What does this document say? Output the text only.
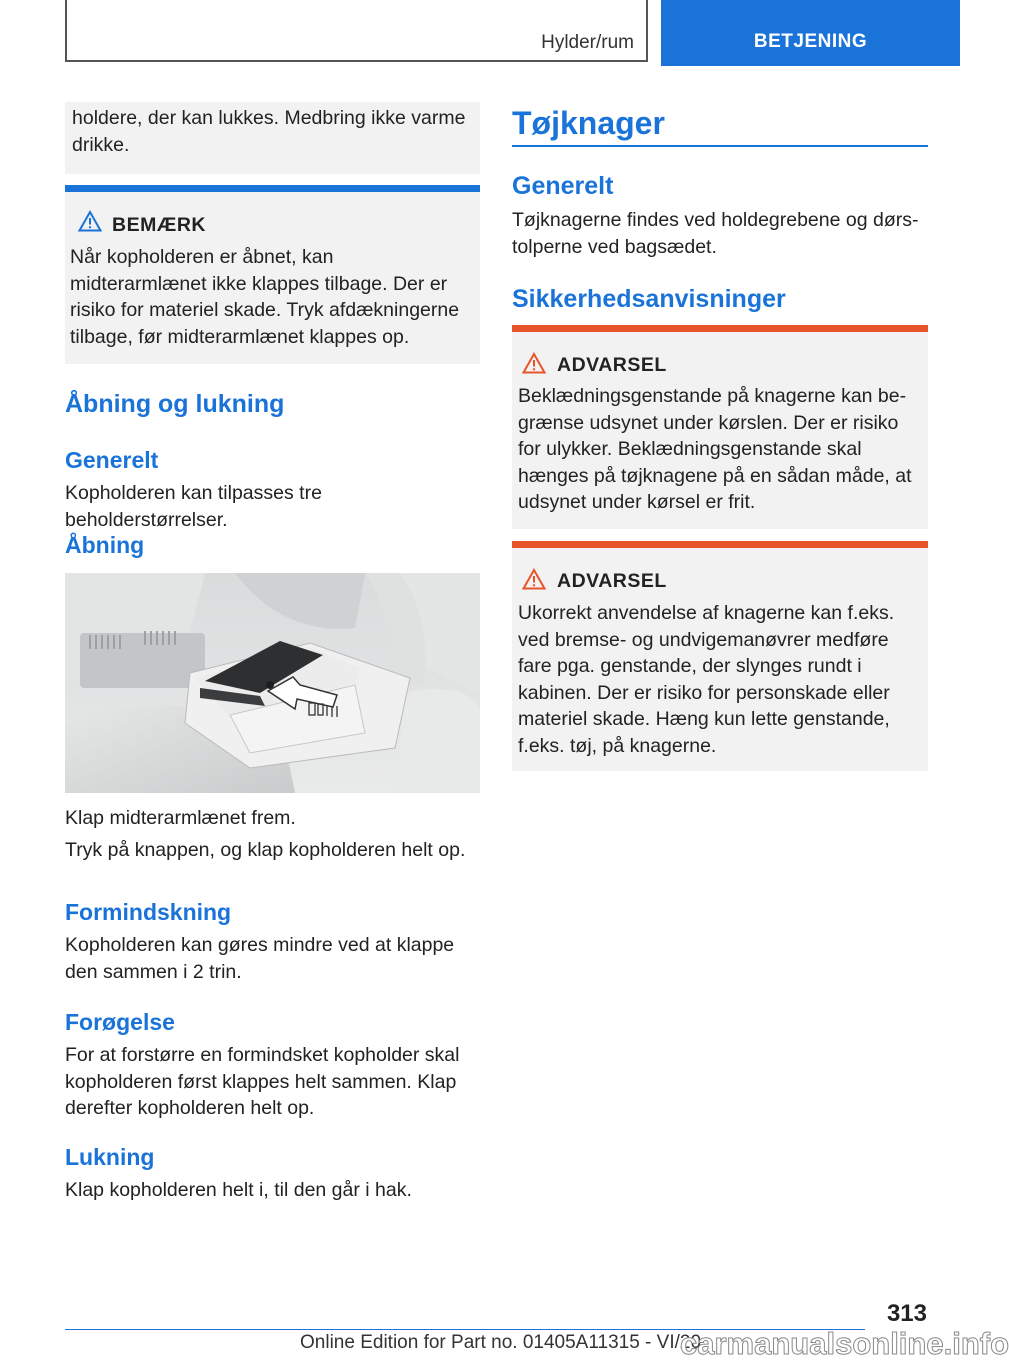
Hylder/rum	BETJENING
holdere, der kan lukkes. Medbring ikke varme drikke.
BEMÆRK
Når kopholderen er åbnet, kan midterarmlænet ikke klappes tilbage. Der er risiko for materiel skade. Tryk afdækningerne tilbage, før midterarmlænet klappes op.
Åbning og lukning
Generelt
Kopholderen kan tilpasses tre beholderstørrelser.
Åbning
Klap midterarmlænet frem.
Tryk på knappen, og klap kopholderen helt op.
Formindskning
Kopholderen kan gøres mindre ved at klappe den sammen i 2 trin.
Forøgelse
For at forstørre en formindsket kopholder skal kopholderen først klappes helt sammen. Klap derefter kopholderen helt op.
Lukning
Klap kopholderen helt i, til den går i hak.
Tøjknager
Generelt
Tøjknagerne findes ved holdegrebene og dørstolperne ved bagsædet.
Sikkerhedsanvisninger
ADVARSEL
Beklædningsgenstande på knagerne kan begrænse udsynet under kørslen. Der er risiko for ulykker. Beklædningsgenstande skal hænges på tøjknagene på en sådan måde, at udsynet under kørsel er frit.
ADVARSEL
Ukorrekt anvendelse af knagerne kan f.eks. ved bremse- og undvigemanøvrer medføre fare pga. genstande, der slynges rundt i kabinen. Der er risiko for personskade eller materiel skade. Hæng kun lette genstande, f.eks. tøj, på knagerne.
313
Online Edition for Part no. 01405A11315 - VI/20
carmanualsonline.info
